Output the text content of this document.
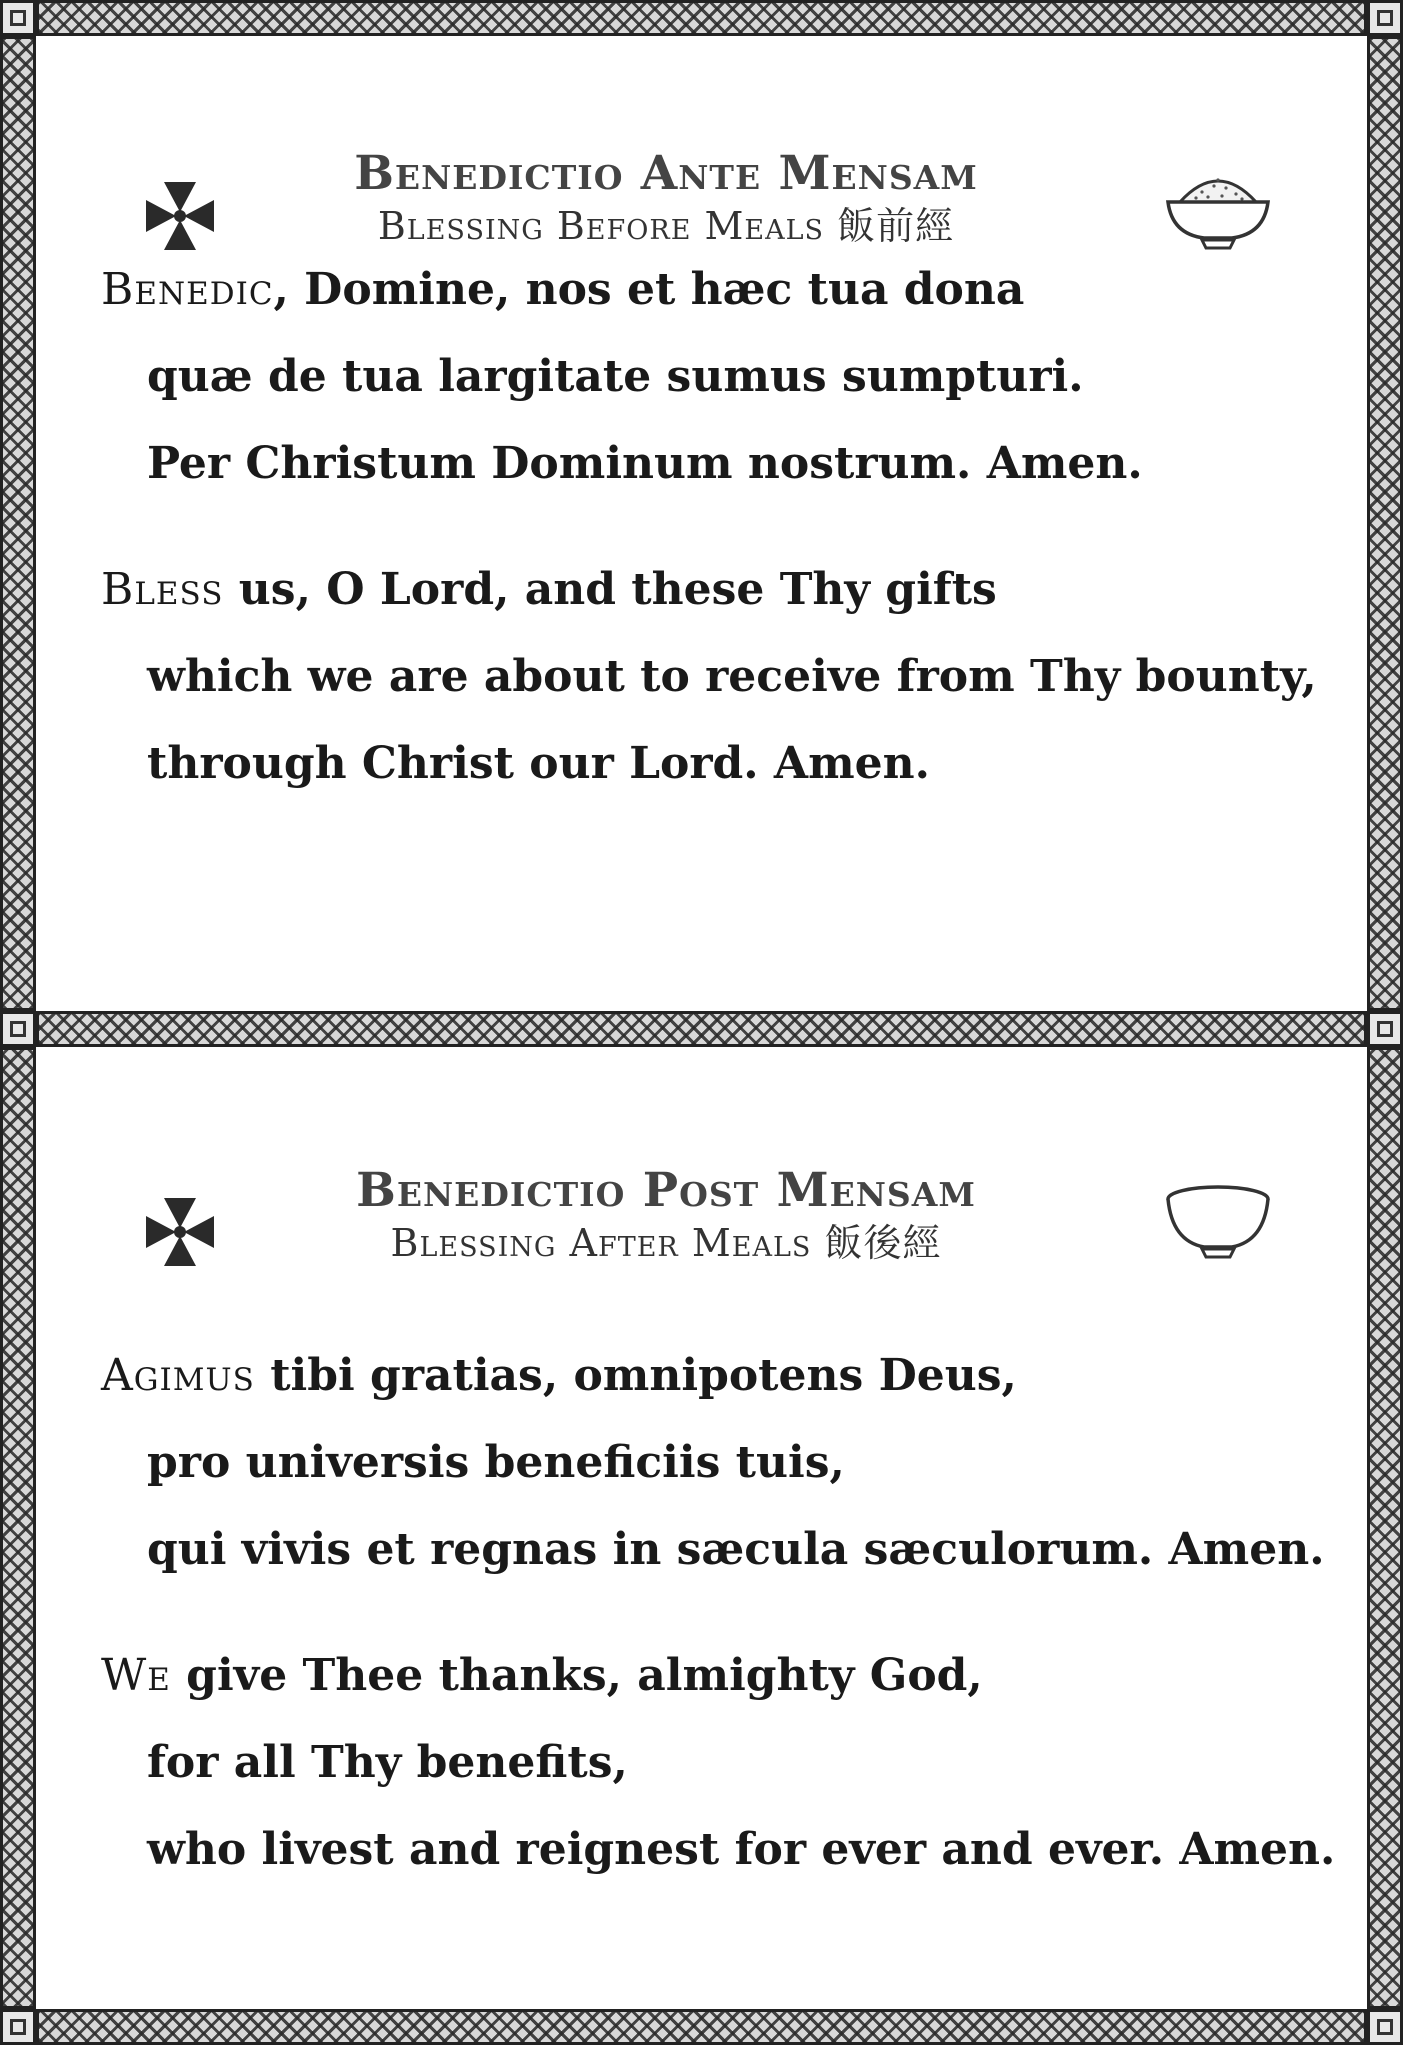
Benedictio Ante Mensam
Blessing Before Meals 飯前經
Benedic, Domine, nos et hæc tua dona
quæ de tua largitate sumus sumpturi.
Per Christum Dominum nostrum. Amen.
Bless us, O Lord, and these Thy gifts
which we are about to receive from Thy bounty,
through Christ our Lord. Amen.
Benedictio Post Mensam
Blessing After Meals 飯後經
Agimus tibi gratias, omnipotens Deus,
pro universis beneficiis tuis,
qui vivis et regnas in sæcula sæculorum. Amen.
We give Thee thanks, almighty God,
for all Thy benefits,
who livest and reignest for ever and ever. Amen.
